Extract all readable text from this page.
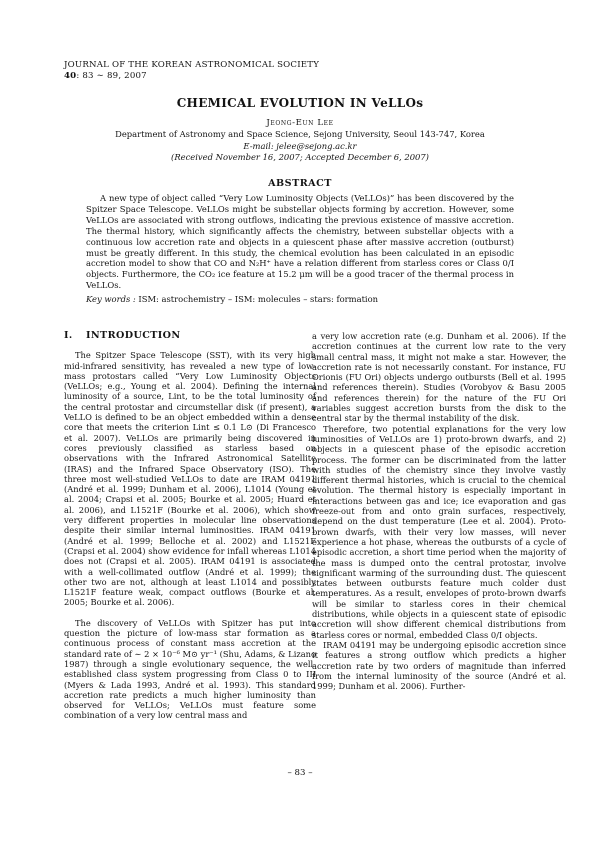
JOURNAL OF THE KOREAN ASTRONOMICAL SOCIETY
40: 83 ∼ 89, 2007
CHEMICAL EVOLUTION IN VeLLOs
Jeong-Eun Lee
Department of Astronomy and Space Science, Sejong University, Seoul 143-747, Korea
E-mail: jelee@sejong.ac.kr
(Received November 16, 2007; Accepted December 6, 2007)
ABSTRACT

A new type of object called “Very Low Luminosity Objects (VeLLOs)” has been discovered by the Spitzer Space Telescope. VeLLOs might be substellar objects forming by accretion. However, some VeLLOs are associated with strong outflows, indicating the previous existence of massive accretion. The thermal history, which significantly affects the chemistry, between substellar objects with a continuous low accretion rate and objects in a quiescent phase after massive accretion (outburst) must be greatly different. In this study, the chemical evolution has been calculated in an episodic accretion model to show that CO and N₂H⁺ have a relation different from starless cores or Class 0/I objects. Furthermore, the CO₂ ice feature at 15.2 μm will be a good tracer of the thermal process in VeLLOs.

Key words : ISM: astrochemistry – ISM: molecules – stars: formation

I. INTRODUCTION

The Spitzer Space Telescope (SST), with its very high mid-infrared sensitivity, has revealed a new type of low-mass protostars called “Very Low Luminosity Objects (VeLLOs; e.g., Young et al. 2004). Defining the internal luminosity of a source, Lint, to be the total luminosity of the central protostar and circumstellar disk (if present), a VeLLO is defined to be an object embedded within a dense core that meets the criterion Lint ≤ 0.1 L⊙ (Di Francesco et al. 2007). VeLLOs are primarily being discovered in cores previously classified as starless based on observations with the Infrared Astronomical Satellite (IRAS) and the Infrared Space Observatory (ISO). The three most well-studied VeLLOs to date are IRAM 04191 (André et al. 1999; Dunham et al. 2006), L1014 (Young et al. 2004; Crapsi et al. 2005; Bourke et al. 2005; Huard et al. 2006), and L1521F (Bourke et al. 2006), which show very different properties in molecular line observations despite their similar internal luminosities. IRAM 04191 (André et al. 1999; Belloche et al. 2002) and L1521F (Crapsi et al. 2004) show evidence for infall whereas L1014 does not (Crapsi et al. 2005). IRAM 04191 is associated with a well-collimated outflow (André et al. 1999); the other two are not, although at least L1014 and possibly L1521F feature weak, compact outflows (Bourke et al. 2005; Bourke et al. 2006).

The discovery of VeLLOs with Spitzer has put into question the picture of low-mass star formation as a continuous process of constant mass accretion at the standard rate of ∼ 2 × 10⁻⁶ M⊙ yr⁻¹ (Shu, Adams, & Lizano 1987) through a single evolutionary sequence, the well-established class system progressing from Class 0 to III (Myers & Lada 1993, André et al. 1993). This standard accretion rate predicts a much higher luminosity than observed for VeLLOs; VeLLOs must feature some combination of a very low central mass and

a very low accretion rate (e.g. Dunham et al. 2006). If the accretion continues at the current low rate to the very small central mass, it might not make a star. However, the accretion rate is not necessarily constant. For instance, FU Orionis (FU Ori) objects undergo outbursts (Bell et al. 1995 and references therein). Studies (Vorobyov & Basu 2005 and references therein) for the nature of the FU Ori variables suggest accretion bursts from the disk to the central star by the thermal instability of the disk.

Therefore, two potential explanations for the very low luminosities of VeLLOs are 1) proto-brown dwarfs, and 2) objects in a quiescent phase of the episodic accretion process. The former can be discriminated from the latter with studies of the chemistry since they involve vastly different thermal histories, which is crucial to the chemical evolution. The thermal history is especially important in interactions between gas and ice; ice evaporation and gas freeze-out from and onto grain surfaces, respectively, depend on the dust temperature (Lee et al. 2004). Proto-brown dwarfs, with their very low masses, will never experience a hot phase, whereas the outbursts of a cycle of episodic accretion, a short time period when the majority of the mass is dumped onto the central protostar, involve significant warming of the surrounding dust. The quiescent states between outbursts feature much colder dust temperatures. As a result, envelopes of proto-brown dwarfs will be similar to starless cores in their chemical distributions, while objects in a quiescent state of episodic accretion will show different chemical distributions from starless cores or normal, embedded Class 0/I objects.

IRAM 04191 may be undergoing episodic accretion since it features a strong outflow which predicts a higher accretion rate by two orders of magnitude than inferred from the internal luminosity of the source (André et al. 1999; Dunham et al. 2006). Further-

– 83 –
